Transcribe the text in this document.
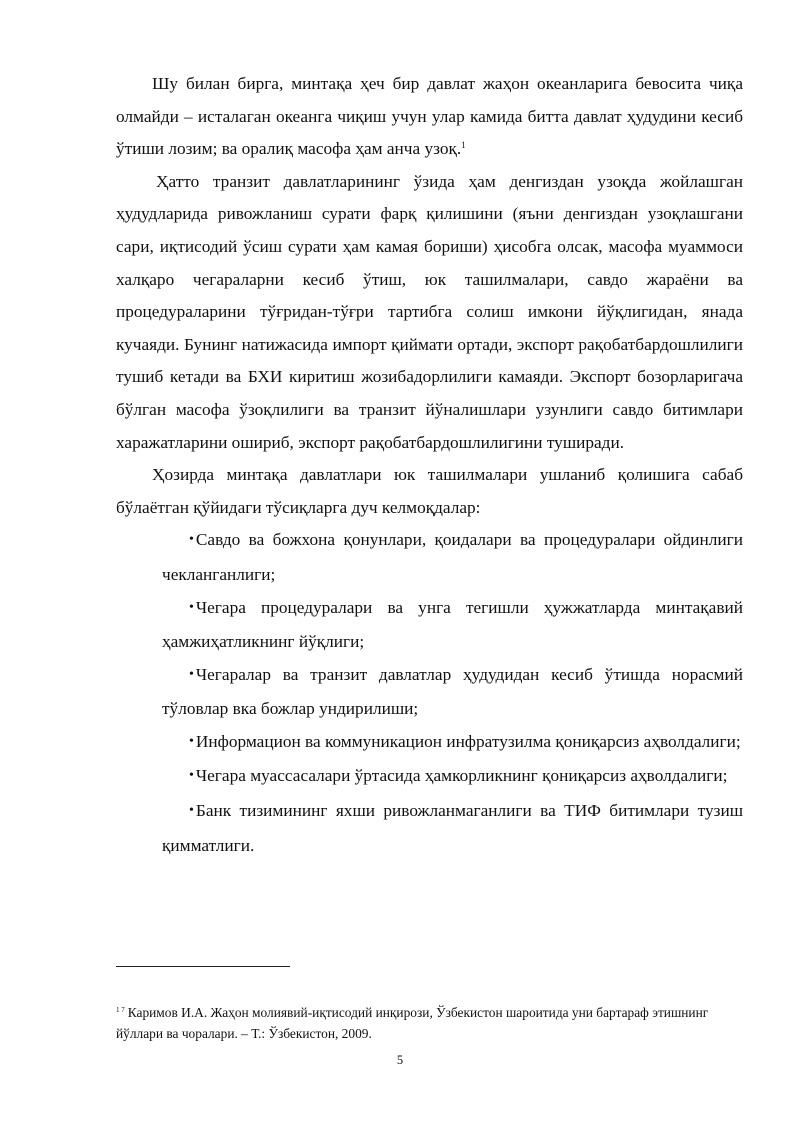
Шу билан бирга, минтақа ҳеч бир давлат жаҳон океанларига бевосита чиқа олмайди – исталаган океанга чиқиш учун улар камида битта давлат ҳудудини кесиб ўтиши лозим; ва оралиқ масофа ҳам анча узоқ.$^1$

Ҳатто транзит давлатларининг ўзида ҳам денгиздан узоқда жойлашган ҳудудларида ривожланиш сурати фарқ қилишини (яъни денгиздан узоқлашгани сари, иқтисодий ўсиш сурати ҳам камая бориши) ҳисобга олсак, масофа муаммоси халқаро чегараларни кесиб ўтиш, юк ташилмалари, савдо жараёни ва процедураларини тўғридан-тўғри тартибга солиш имкони йўқлигидан, янада кучаяди. Бунинг натижасида импорт қиймати ортади, экспорт рақобатбардошлилиги тушиб кетади ва БХИ киритиш жозибадорлилиги камаяди. Экспорт бозорларигача бўлган масофа ўзоқлилиги ва транзит йўналишлари узунлиги савдо битимлари харажатларини ошириб, экспорт рақобатбардошлилигини туширади.

Ҳозирда минтақа давлатлари юк ташилмалари ушланиб қолишига сабаб бўлаётган қўйидаги тўсиқларга дуч келмоқдалар:

• Савдо ва божхона қонунлари, қоидалари ва процедуралари ойдинлиги чекланганлиги;
• Чегара процедуралари ва унга тегишли ҳужжатларда минтақавий ҳамжиҳатликнинг йўқлиги;
• Чегаралар ва транзит давлатлар ҳудудидан кесиб ўтишда норасмий тўловлар вка божлар ундирилиши;
• Информацион ва коммуникацион инфратузилма қониқарсиз аҳволдалиги;
• Чегара муассасалари ўртасида ҳамкорликнинг қониқарсиз аҳволдалиги;
• Банк тизимининг яхши ривожланмаганлиги ва ТИФ битимлари тузиш қимматлиги.

$^{1 7}$ Каримов И.А. Жаҳон молиявий-иқтисодий инқирози, Ўзбекистон шароитида уни бартараф этишнинг йўллари ва чоралари. – Т.: Ўзбекистон, 2009.

5
